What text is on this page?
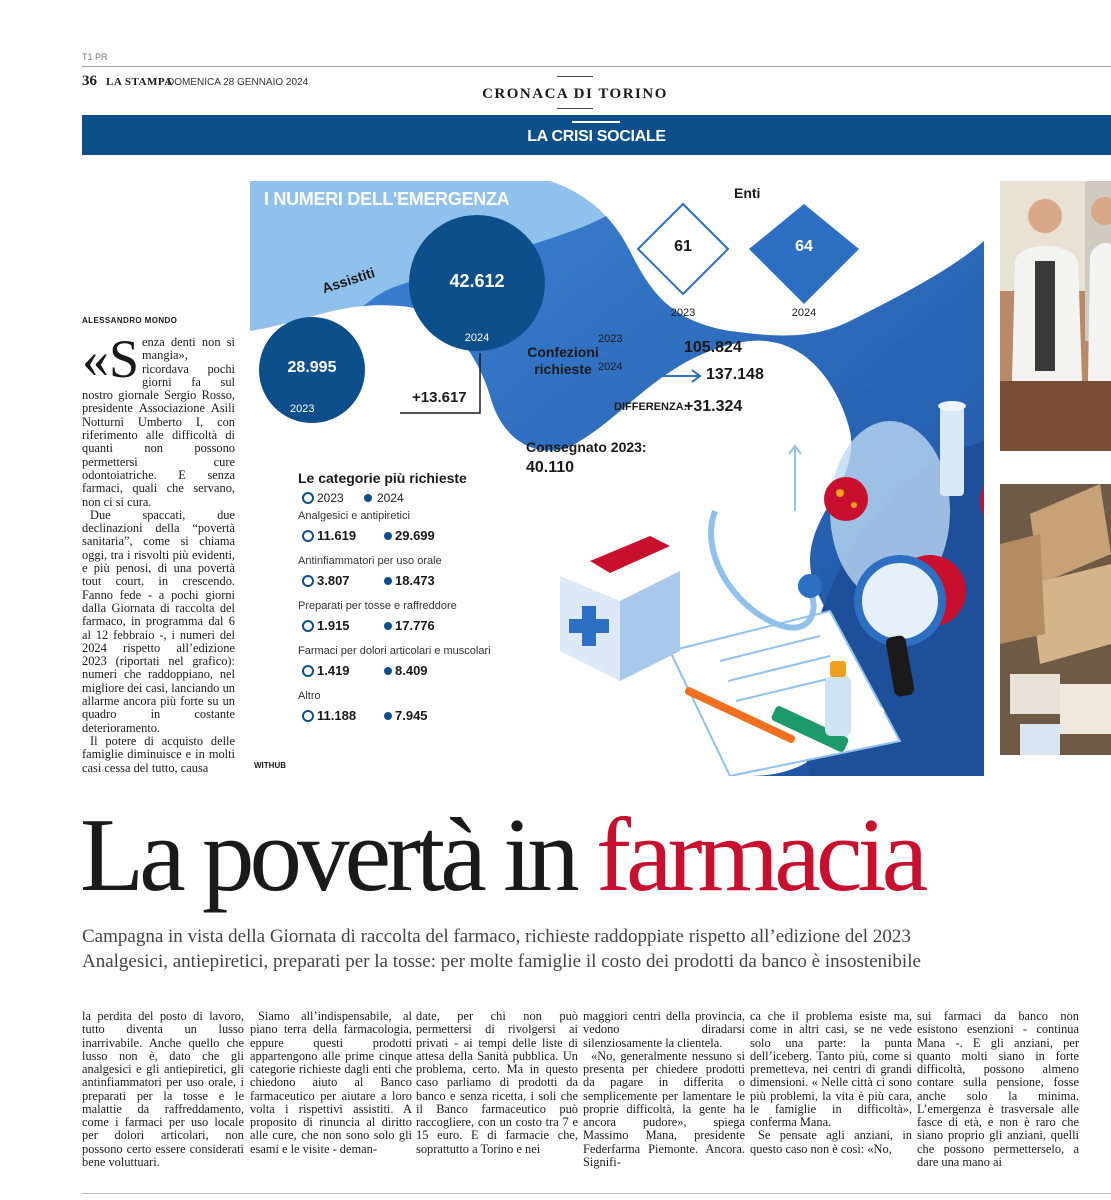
T1 PR
36 LA STAMPA
DOMENICA 28 GENNAIO 2024
CRONACA DI TORINO
LA CRISI SOCIALE
ALESSANDRO MONDO

«Senza denti non si mangia», ricordava pochi giorni fa sul nostro giornale Sergio Rosso, presidente Associazione Asili Notturni Umberto I, con riferimento alle difficoltà di quanti non possono permettersi cure odontoiatriche. E senza farmaci, quali che servano, non ci si cura.

Due spaccati, due declinazioni della “povertà sanitaria”, come si chiama oggi, tra i risvolti più evidenti, e più penosi, di una povertà tout court, in crescendo. Fanno fede - a pochi giorni dalla Giornata di raccolta del farmaco, in programma dal 6 al 12 febbraio -, i numeri del 2024 rispetto all’edizione 2023 (riportati nel grafico): numeri che raddoppiano, nel migliore dei casi, lanciando un allarme ancora più forte su un quadro in costante deterioramento.

Il potere di acquisto delle famiglie diminuisce e in molti casi cessa del tutto, causa

I NUMERI DELL'EMERGENZA
Assistiti	42.612
2024
28.995
2023
+13.617
Enti
61	64
2023	2024
Confezioni
richieste
2023	105.824
2024	137.148
DIFFERENZA:
+31.324
Consegnato 2023:
40.110
Le categorie più richieste
2023	2024
Analgesici e antipiretici
11.619	29.699
Antinfiammatori per uso orale
3.807	18.473
Preparati per tosse e raffreddore
1.915	17.776
Farmaci per dolori articolari e muscolari
1.419	8.409
Altro
11.188	7.945
WITHUB
La povertà in farmacia
Campagna in vista della Giornata di raccolta del farmaco, richieste raddoppiate rispetto all’edizione del 2023
Analgesici, antiepiretici, preparati per la tosse: per molte famiglie il costo dei prodotti da banco è insostenibile

la perdita del posto di lavoro, tutto diventa un lusso inarrivabile. Anche quello che lusso non è, dato che gli analgesici e gli antiepiretici, gli antinfiammatori per uso orale, i preparati per la tosse e le malattie da raffreddamento, come i farmaci per uso locale per dolori articolari, non possono certo essere considerati bene voluttuari.

Siamo all’indispensabile, al piano terra della farmacologia, eppure questi prodotti appartengono alle prime cinque categorie richieste dagli enti che chiedono aiuto al Banco farmaceutico per aiutare a loro volta i rispettivi assistiti. A proposito di rinuncia al diritto alle cure, che non sono solo gli esami e le visite - deman-

date, per chi non può permettersi di rivolgersi ai privati - ai tempi delle liste di attesa della Sanità pubblica. Un problema, certo. Ma in questo caso parliamo di prodotti da banco e senza ricetta, i soli che il Banco farmaceutico può raccogliere, con un costo tra 7 e 15 euro. E di farmacie che, soprattutto a Torino e nei

maggiori centri della provincia, vedono diradarsi silenziosamente la clientela.

«No, generalmente nessuno si presenta per chiedere prodotti da pagare in differita o semplicemente per lamentare le proprie difficoltà, la gente ha ancora pudore», spiega Massimo Mana, presidente Federfarma Piemonte. Ancora. Signifi-

ca che il problema esiste ma, come in altri casi, se ne vede solo una parte: la punta dell’iceberg. Tanto più, come si premetteva, nei centri di grandi dimensioni. « Nelle città ci sono più problemi, la vita è più cara, le famiglie in difficoltà», conferma Mana.

Se pensate agli anziani, in questo caso non è così: «No,

sui farmaci da banco non esistono esenzioni - continua Mana -. E gli anziani, per quanto molti siano in forte difficoltà, possono almeno contare sulla pensione, fosse anche solo la minima. L’emergenza è trasversale alle fasce di età, e non è raro che siano proprio gli anziani, quelli che possono permetterselo, a dare una mano ai
